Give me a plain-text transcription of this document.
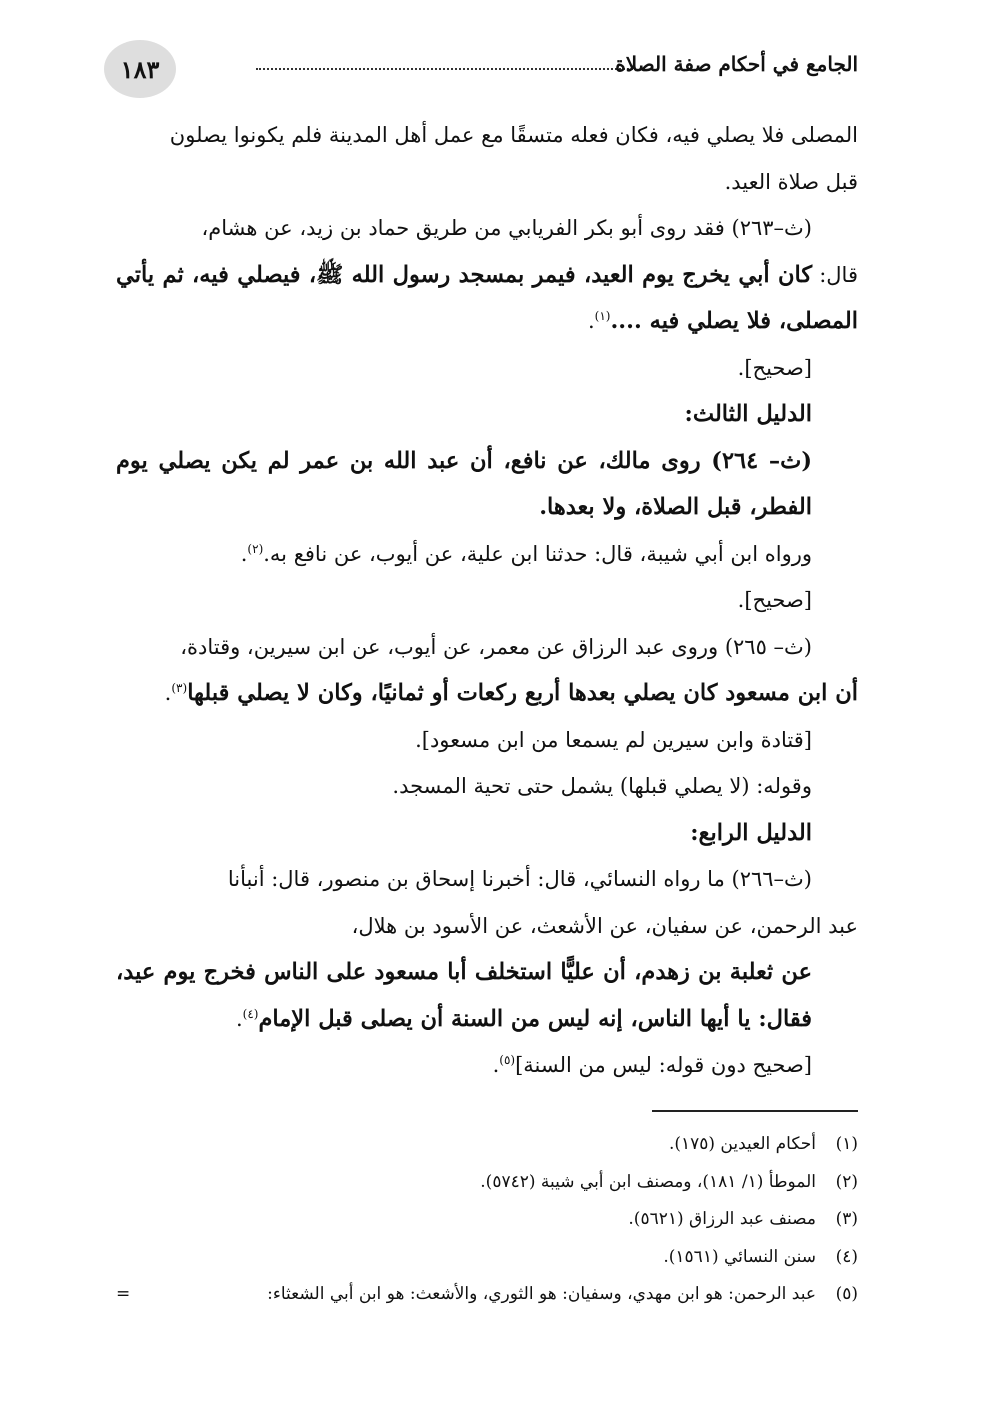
١٨٣	الجامع في أحكام صفة الصلاة

المصلى فلا يصلي فيه، فكان فعله متسقًا مع عمل أهل المدينة فلم يكونوا يصلون

قبل صلاة العيد.

(ث–٢٦٣) فقد روى أبو بكر الفريابي من طريق حماد بن زيد، عن هشام،

قال: كان أبي يخرج يوم العيد، فيمر بمسجد رسول الله ﷺ، فيصلي فيه، ثم يأتي المصلى، فلا يصلي فيه ....$^{(١)}$.

[صحيح].

الدليل الثالث:

(ث– ٢٦٤) روى مالك، عن نافع، أن عبد الله بن عمر لم يكن يصلي يوم الفطر، قبل الصلاة، ولا بعدها.

ورواه ابن أبي شيبة، قال: حدثنا ابن علية، عن أيوب، عن نافع به.$^{(٢)}$.

[صحيح].

(ث– ٢٦٥) وروى عبد الرزاق عن معمر، عن أيوب، عن ابن سيرين، وقتادة،

أن ابن مسعود كان يصلي بعدها أربع ركعات أو ثمانيًا، وكان لا يصلي قبلها$^{(٣)}$.

[قتادة وابن سيرين لم يسمعا من ابن مسعود].

وقوله: (لا يصلي قبلها) يشمل حتى تحية المسجد.

الدليل الرابع:

(ث–٢٦٦) ما رواه النسائي، قال: أخبرنا إسحاق بن منصور، قال: أنبأنا

عبد الرحمن، عن سفيان، عن الأشعث، عن الأسود بن هلال،

عن ثعلبة بن زهدم، أن عليًّا استخلف أبا مسعود على الناس فخرج يوم عيد، فقال: يا أيها الناس، إنه ليس من السنة أن يصلى قبل الإمام$^{(٤)}$.

[صحيح دون قوله: ليس من السنة]$^{(٥)}$.

(١)
أحكام العيدين (١٧٥).
(٢)
الموطأ (١/ ١٨١)، ومصنف ابن أبي شيبة (٥٧٤٢).
(٣)
مصنف عبد الرزاق (٥٦٢١).
(٤)
سنن النسائي (١٥٦١).
(٥)
عبد الرحمن: هو ابن مهدي، وسفيان: هو الثوري، والأشعث: هو ابن أبي الشعثاء:
=
